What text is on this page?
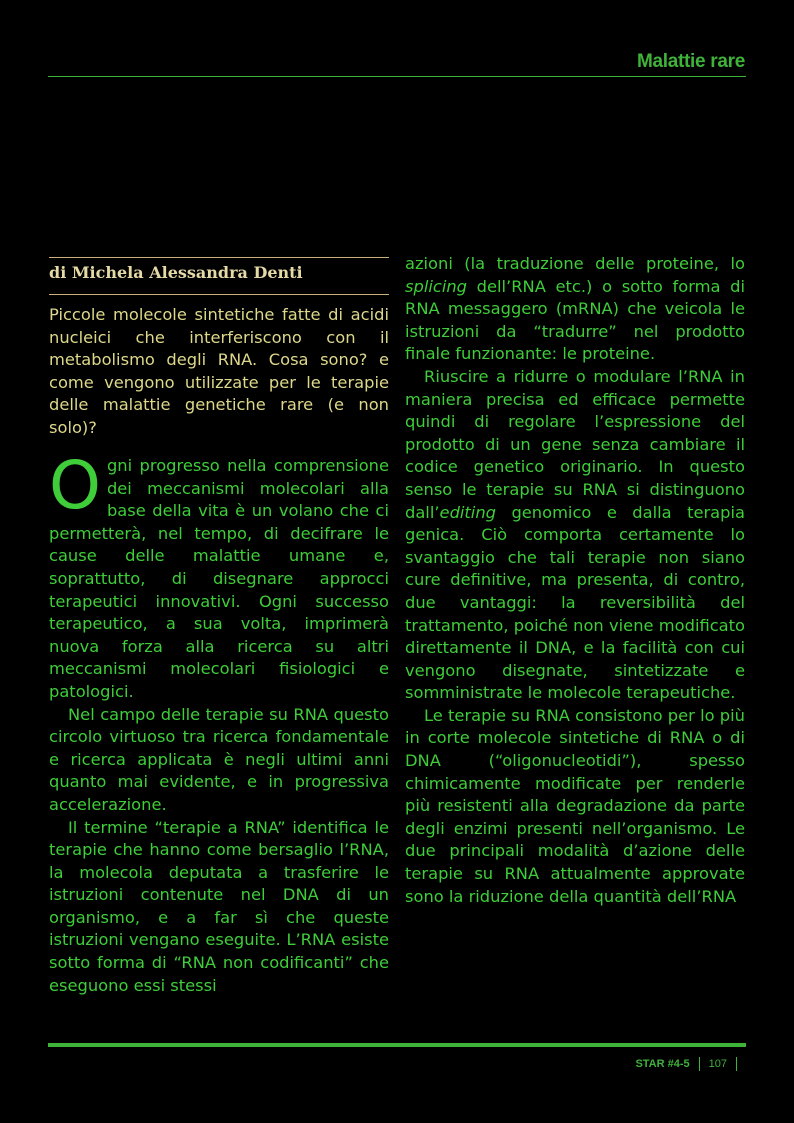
Malattie rare
di Michela Alessandra Denti
Piccole molecole sintetiche fatte di acidi nucleici che interferiscono con il metabolismo degli RNA. Cosa sono? e come vengono utilizzate per le terapie delle malattie genetiche rare (e non solo)?

Ogni progresso nella comprensione dei meccanismi molecolari alla base della vita è un volano che ci permetterà, nel tempo, di decifrare le cause delle malattie umane e, soprattutto, di disegnare approcci terapeutici innovativi. Ogni successo terapeutico, a sua volta, imprimerà nuova forza alla ricerca su altri meccanismi molecolari fisiologici e patologici.

Nel campo delle terapie su RNA questo circolo virtuoso tra ricerca fondamentale e ricerca applicata è negli ultimi anni quanto mai evidente, e in progressiva accelerazione.

Il termine “terapie a RNA” identifica le terapie che hanno come bersaglio l’RNA, la molecola deputata a trasferire le istruzioni contenute nel DNA di un organismo, e a far sì che queste istruzioni vengano eseguite. L’RNA esiste sotto forma di “RNA non codificanti” che eseguono essi stessi

azioni (la traduzione delle proteine, lo splicing dell’RNA etc.) o sotto forma di RNA messaggero (mRNA) che veicola le istruzioni da “tradurre” nel prodotto finale funzionante: le proteine.

Riuscire a ridurre o modulare l’RNA in maniera precisa ed efficace permette quindi di regolare l’espressione del prodotto di un gene senza cambiare il codice genetico originario. In questo senso le terapie su RNA si distinguono dall’editing genomico e dalla terapia genica. Ciò comporta certamente lo svantaggio che tali terapie non siano cure definitive, ma presenta, di contro, due vantaggi: la reversibilità del trattamento, poiché non viene modificato direttamente il DNA, e la facilità con cui vengono disegnate, sintetizzate e somministrate le molecole terapeutiche.

Le terapie su RNA consistono per lo più in corte molecole sintetiche di RNA o di DNA (“oligonucleotidi”), spesso chimicamente modificate per renderle più resistenti alla degradazione da parte degli enzimi presenti nell’organismo. Le due principali modalità d’azione delle terapie su RNA attualmente approvate sono la riduzione della quantità dell’RNA

STAR #4-5 107
